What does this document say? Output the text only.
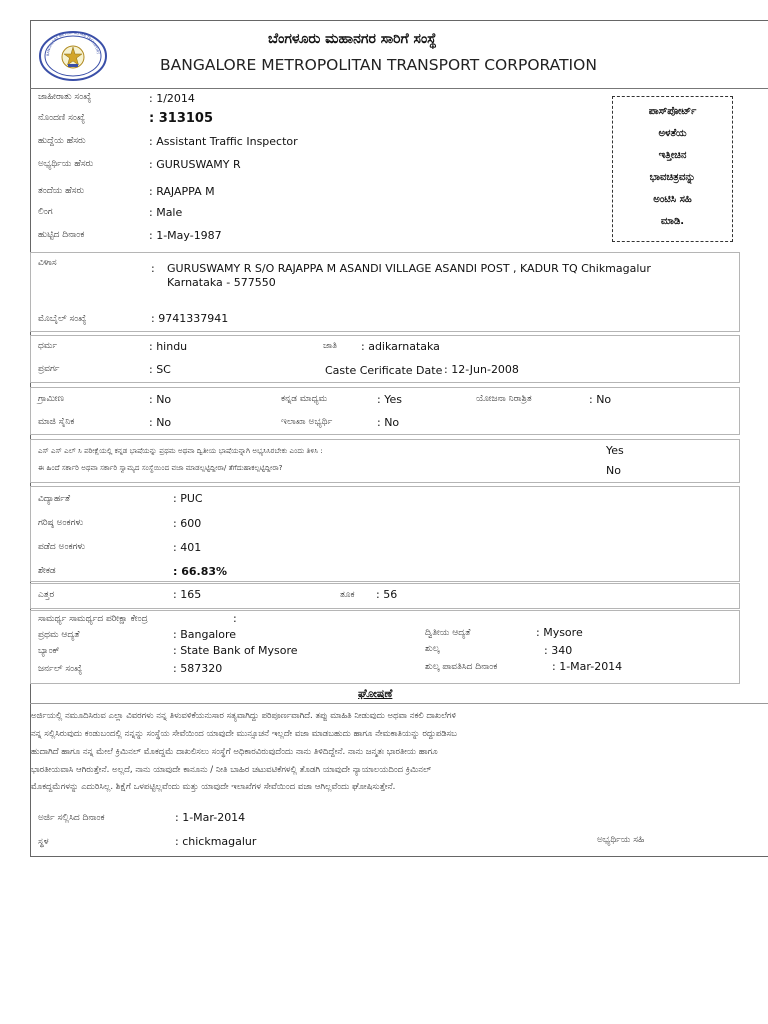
BANGALORE METROPOLITAN TRANSPORT
ಬೆಂಗಳೂರು ಮಹಾನಗರ ಸಾರಿಗೆ ಸಂಸ್ಥೆ
BANGALORE METROPOLITAN TRANSPORT CORPORATION
ಜಾಹೀರಾತು ಸಂಖ್ಯೆ	: 1/2014
ನೊಂದಣಿ ಸಂಖ್ಯೆ	: 313105
ಹುದ್ದೆಯ ಹೆಸರು	: Assistant Traffic Inspector
ಅಭ್ಯರ್ಥಿಯ ಹೆಸರು	: GURUSWAMY R
ತಂದೆಯ ಹೆಸರು	: RAJAPPA M
ಲಿಂಗ	: Male
ಹುಟ್ಟಿದ ದಿನಾಂಕ	: 1-May-1987
ಪಾಸ್‌ಪೋರ್ಟ್
ಅಳತೆಯ
ಇತ್ತೀಚಿನ
ಭಾವಚಿತ್ರವನ್ನು
ಅಂಟಿಸಿ ಸಹಿ
ಮಾಡಿ.
ವಿಳಾಸ	: GURUSWAMY R S/O RAJAPPA M ASANDI VILLAGE ASANDI POST , KADUR TQ Chikmagalur
Karnataka - 577550
ಮೊಬೈಲ್ ಸಂಖ್ಯೆ	: 9741337941
ಧರ್ಮ	: hindu	ಜಾತಿ : adikarnataka
ಪ್ರವರ್ಗ	: SC	Caste Cerificate Date : 12-Jun-2008
ಗ್ರಾಮೀಣ	: No	ಕನ್ನಡ ಮಾಧ್ಯಮ	: Yes	ಯೋಜನಾ ನಿರಾಶ್ರಿತ	: No
ಮಾಜಿ ಸೈನಿಕ	: No	ಇಲಾಖಾ ಅಭ್ಯರ್ಥಿ	: No
ಎಸ್ ಎಸ್ ಎಲ್ ಸಿ ಪರೀಕ್ಷೆಯಲ್ಲಿ ಕನ್ನಡ ಭಾಷೆಯನ್ನು ಪ್ರಥಮ ಅಥವಾ ದ್ವಿತೀಯ ಭಾಷೆಯನ್ನಾಗಿ ಅಭ್ಯಸಿಸಿರಬೇಕು ಎಂದು ತಿಳಿಸಿ :	Yes
ಈ ಹಿಂದೆ ಸರ್ಕಾರಿ ಅಥವಾ ಸರ್ಕಾರಿ ಸ್ವಾಮ್ಯದ ಸಂಸ್ಥೆಯಿಂದ ವಜಾ ಮಾಡಲ್ಪಟ್ಟಿದ್ದೀರಾ/ ತೆಗೆದುಹಾಕಲ್ಪಟ್ಟಿದ್ದೀರಾ?	No
ವಿದ್ಯಾರ್ಹತೆ	: PUC
ಗರಿಷ್ಠ ಅಂಕಗಳು	: 600
ಪಡೆದ ಅಂಕಗಳು	: 401
ಶೇಕಡ	: 66.83%
ಎತ್ತರ	: 165	ತೂಕ : 56
ಸಾಮರ್ಥ್ಯ ಸಾಮರ್ಥ್ಯದ ಪರೀಕ್ಷಾ ಕೇಂದ್ರ	:
ಪ್ರಥಮ ಆದ್ಯತೆ	: Bangalore	ದ್ವಿತೀಯ ಆದ್ಯತೆ	: Mysore
ಬ್ಯಾಂಕ್	: State Bank of Mysore	ಶುಲ್ಕ	: 340
ಜರ್ನಲ್ ಸಂಖ್ಯೆ	: 587320	ಶುಲ್ಕ ಪಾವತಿಸಿದ ದಿನಾಂಕ	: 1-Mar-2014
ಘೋಷಣೆ
ಅರ್ಜಿಯಲ್ಲಿ ನಮೂದಿಸಿರುವ ಎಲ್ಲಾ ವಿವರಗಳು ನನ್ನ ತಿಳುವಳಿಕೆಯನುಸಾರ ಸತ್ಯವಾಗಿದ್ದು ಪರಿಪೂರ್ಣವಾಗಿದೆ. ತಪ್ಪು ಮಾಹಿತಿ ನೀಡುವುದು ಅಥವಾ ನಕಲಿ ದಾಖಲೆಗಳಿ
ನನ್ನ ಸಲ್ಲಿಸಿರುವುದು ಕಂಡುಬಂದಲ್ಲಿ ನನ್ನನ್ನು ಸಂಸ್ಥೆಯ ಸೇವೆಯಿಂದ ಯಾವುದೇ ಮುನ್ಸೂಚನೆ ಇಲ್ಲದೇ ವಜಾ ಮಾಡಬಹುದು ಹಾಗೂ ನೇಮಕಾತಿಯನ್ನು ರದ್ದುಪಡಿಸಬ
ಹುದಾಗಿದೆ ಹಾಗೂ ನನ್ನ ಮೇಲೆ ಕ್ರಿಮಿನಲ್ ಮೊಕದ್ದಮೆ ದಾಖಲಿಸಲು ಸಂಸ್ಥೆಗೆ ಅಧಿಕಾರವಿರುವುದೆಂದು ನಾನು ತಿಳಿದಿದ್ದೇನೆ. ನಾನು ಜನ್ಮತಃ ಭಾರತೀಯ ಹಾಗೂ
ಭಾರತೀಯವಾಸಿ ಆಗಿರುತ್ತೇನೆ. ಅಲ್ಲದೆ, ನಾನು ಯಾವುದೇ ಕಾನೂನು / ನೀತಿ ಬಾಹಿರ ಚಟುವಟಿಕೆಗಳಲ್ಲಿ ತೊಡಗಿ ಯಾವುದೇ ನ್ಯಾಯಾಲಯದಿಂದ ಕ್ರಿಮಿನಲ್
ಮೊಕದ್ದಮೆಗಳನ್ನು ಎದುರಿಸಿಲ್ಲ. ಶಿಕ್ಷೆಗೆ ಒಳಪಟ್ಟಿಲ್ಲವೆಂದು ಮತ್ತು ಯಾವುದೇ ಇಲಾಖೆಗಳ ಸೇವೆಯಿಂದ ವಜಾ ಆಗಿಲ್ಲವೆಂದು ಘೋಷಿಸುತ್ತೇನೆ.
ಅರ್ಜಿ ಸಲ್ಲಿಸಿದ ದಿನಾಂಕ	: 1-Mar-2014
ಸ್ಥಳ	: chickmagalur	ಅಭ್ಯರ್ಥಿಯ ಸಹಿ
